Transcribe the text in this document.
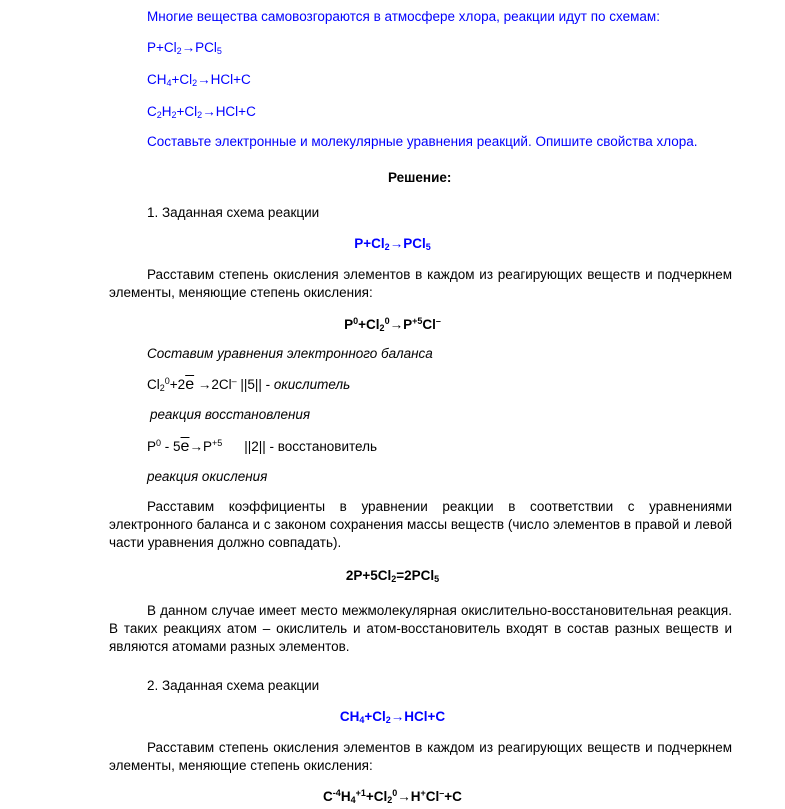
Многие вещества самовозгораются в атмосфере хлора, реакции идут по схемам:
$P+Cl_2\to PCl_5$
$CH_4+Cl_2\to HCl+C$
$C_2H_2+Cl_2\to HCl+C$
Составьте электронные и молекулярные уравнения реакций. Опишите свойства хлора.
Решение:
1. Заданная схема реакции
$P+Cl_2\to PCl_5$
Расставим степень окисления элементов в каждом из реагирующих веществ и подчеркнем элементы, меняющие степень окисления:
$P^0+Cl_2^0\to P^{+5}Cl^-$
Составим уравнения электронного баланса
$Cl_2^0+2\overline{e} \to 2Cl^-$ ||5|| - окислитель
реакция восстановления
$P^0 - 5\overline{e}\to P^{+5}$ ||2|| - восстановитель
реакция окисления
Расставим коэффициенты в уравнении реакции в соответствии с уравнениями электронного баланса и с законом сохранения массы веществ (число элементов в правой и левой части уравнения должно совпадать).
$2P+5Cl_2=2PCl_5$
В данном случае имеет место межмолекулярная окислительно-восстановительная реакция. В таких реакциях атом – окислитель и атом-восстановитель входят в состав разных веществ и являются атомами разных элементов.
2. Заданная схема реакции
$CH_4+Cl_2\to HCl+C$
Расставим степень окисления элементов в каждом из реагирующих веществ и подчеркнем элементы, меняющие степень окисления:
$C^{-4}H_4^{+1}+Cl_2^0\to H^+Cl^-+C$
